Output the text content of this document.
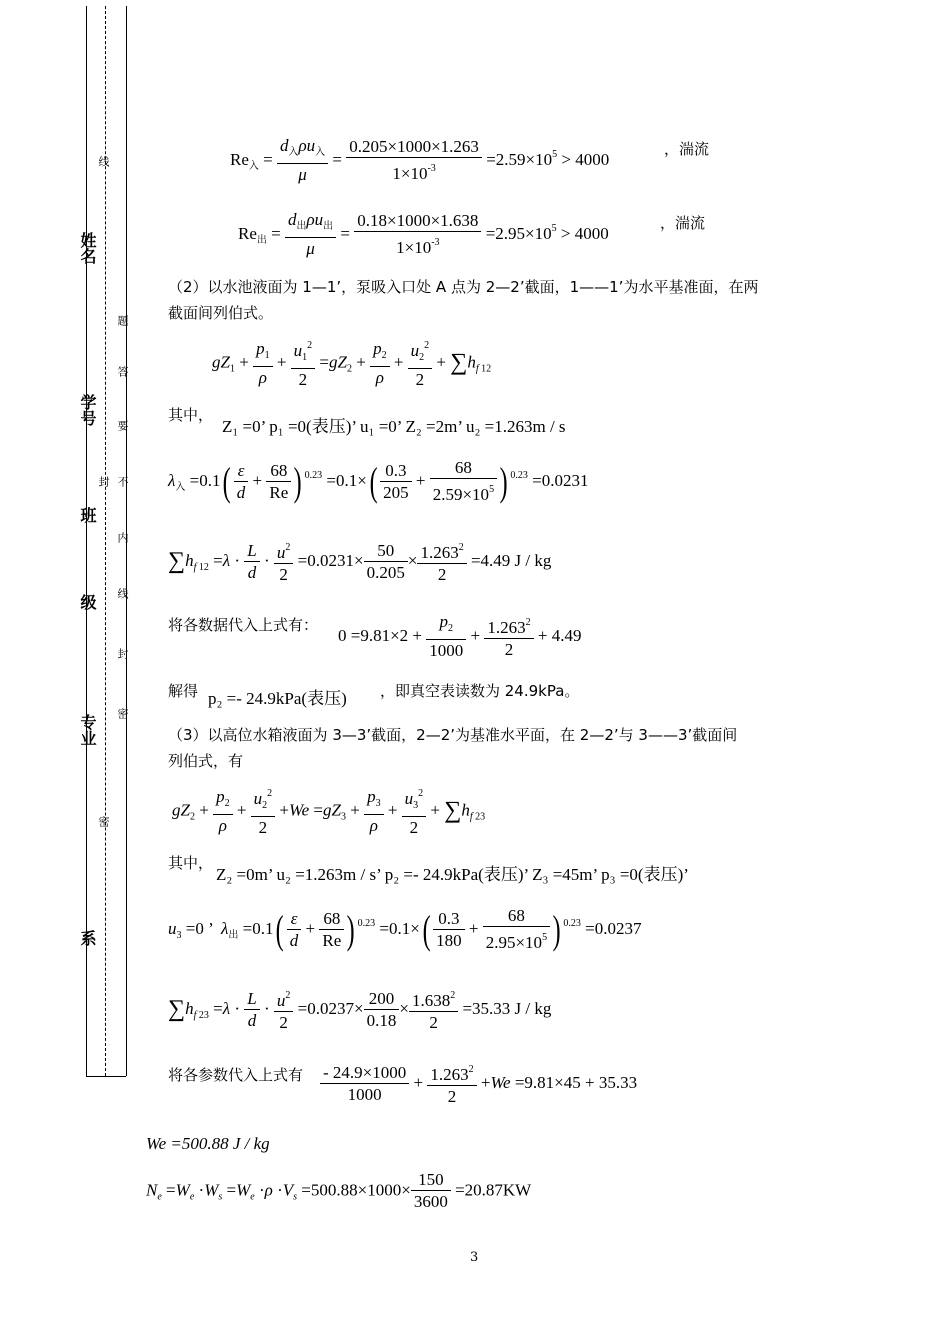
姓名
学号
班
级
专业
系
线
题
答
要
不
封
内
线
封
密
密
$Re_入 = \frac{d_入\rho u_入}{\mu} = \frac{0.205\times 1000\times 1.263}{1\times 10^{-3}} =2.59\times 10^5 > 4000$
，湍流
$Re_出 = \frac{d_出\rho u_出}{\mu} = \frac{0.18\times 1000\times 1.638}{1\times 10^{-3}} =2.95\times 10^5 > 4000$
，湍流
（2）以水池液面为 1—1’，泵吸入口处 A 点为 2—2’截面，1——1’为水平基准面，在两
截面间列伯式。
$gZ_1 + \frac{p_1}{\rho} + \frac{u_1^2}{2} =gZ_2 + \frac{p_2}{\rho} + \frac{u_2^2}{2} + \sum h_{f 12}$
其中，
Z₁ =0’ p₁ =0(表压)’ u₁ =0’ Z₂ =2m’ u₂ =1.263m / s
$\lambda_入 =0.1( \frac{\varepsilon}{d} + \frac{68}{Re}$ ) $^{0.23} =0.1\times( \frac{0.3}{205} + \frac{68}{2.59\times 10^5}$ ) $^{0.23}$ =0.0231
$\sum h_{f 12} =\lambda \cdot \frac{L}{d} \cdot \frac{u^2}{2} =0.0231\times \frac{50}{0.205} \times \frac{1.263^2}{2} =4.49$ J / kg
将各数据代入上式有：
$0 =9.81\times 2 + \frac{p_2}{1000} + \frac{1.263^2}{2} + 4.49$
解得 p₂ =- 24.9kPa(表压) ，即真空表读数为 24.9kPa。
（3）以高位水箱液面为 3—3’截面，2—2’为基准水平面，在 2—2’与 3——3’截面间
列伯式，有
$gZ_2 + \frac{p_2}{\rho} + \frac{u_2^2}{2} +We =gZ_3 + \frac{p_3}{\rho} + \frac{u_3^2}{2} + \sum h_{f 23}$
其中，
Z₂ =0m’ u₂ =1.263m / s’ p₂ =- 24.9kPa(表压)’ Z₃ =45m’ p₃ =0(表压)’
$u_3 =0$ ’  $\lambda_出 =0.1( \frac{\varepsilon}{d} + \frac{68}{Re}$ ) $^{0.23} =0.1\times( \frac{0.3}{180} + \frac{68}{2.95\times 10^5}$ ) $^{0.23}$ =0.0237
$\sum h_{f 23} =\lambda \cdot \frac{L}{d} \cdot \frac{u^2}{2} =0.0237\times \frac{200}{0.18} \times \frac{1.638^2}{2} =35.33$ J / kg
将各参数代入上式有 $\frac{- 24.9\times 1000}{1000} + \frac{1.263^2}{2} +We =9.81\times 45 + 35.33$
We =500.88 J / kg
$N_e =W_e \cdot W_s =W_e \cdot\rho \cdot V_s =500.88\times 1000\times \frac{150}{3600} =20.87KW$
3
